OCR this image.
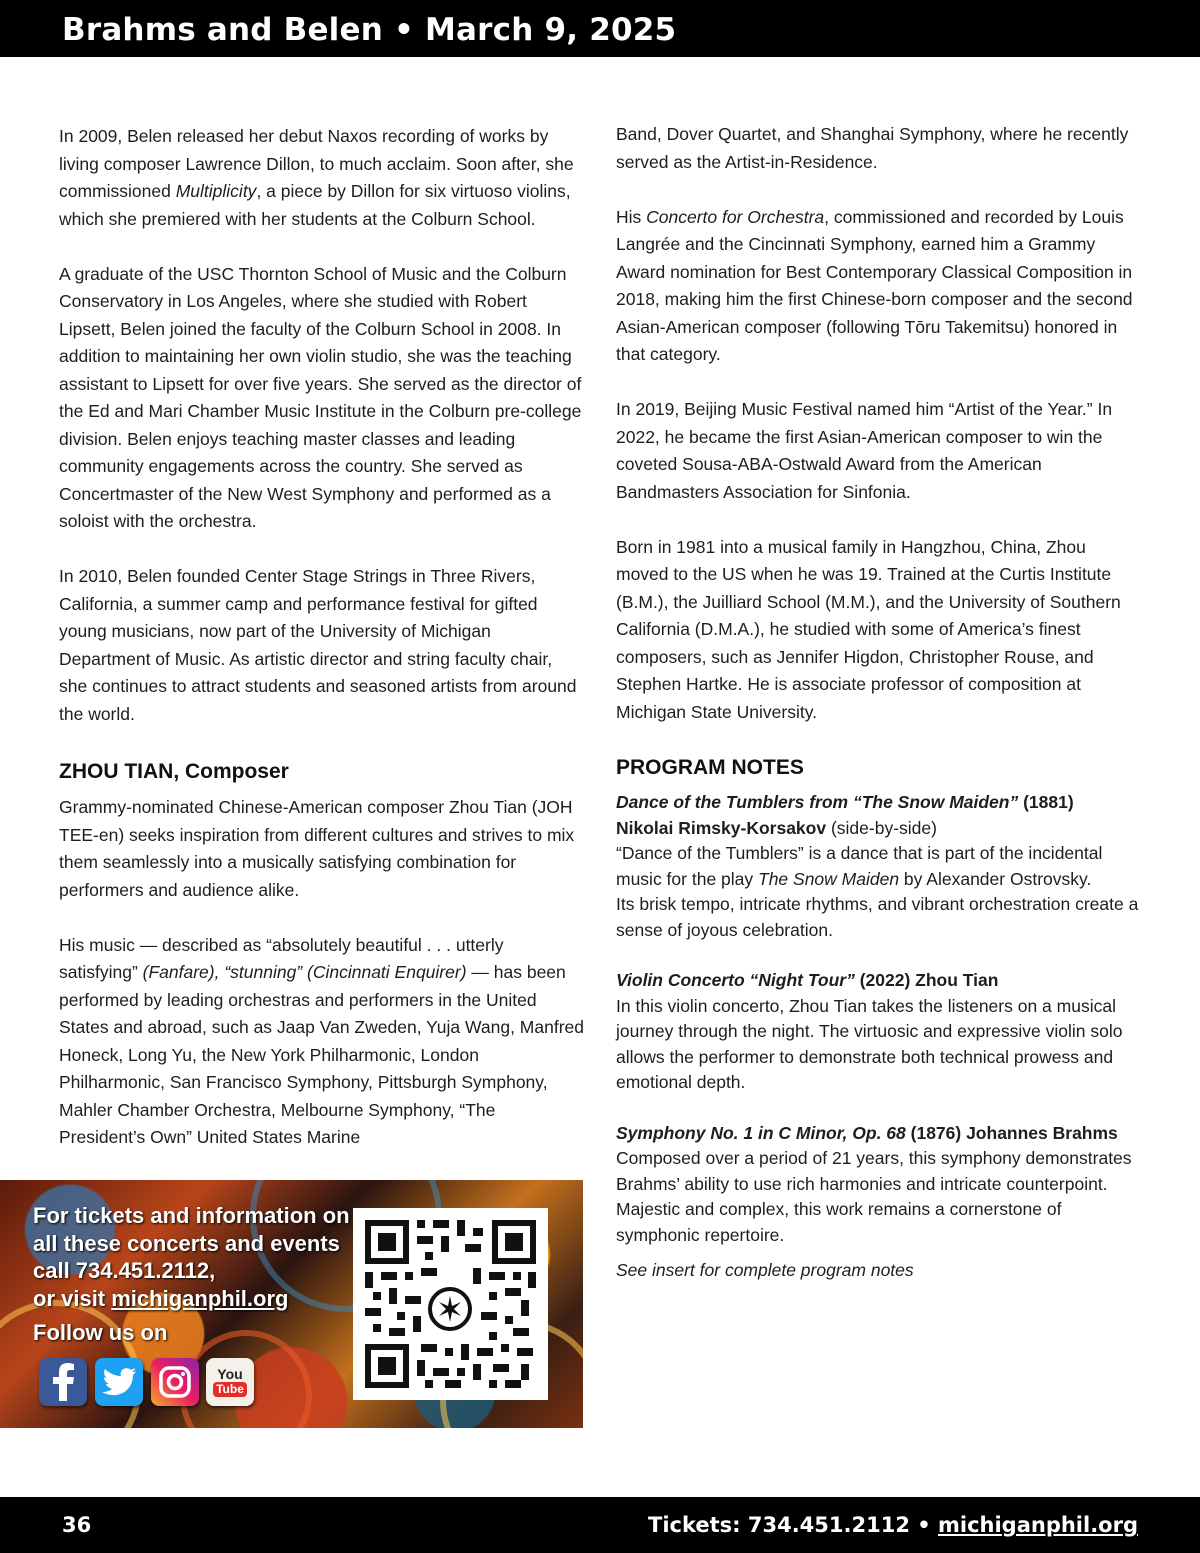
Brahms and Belen • March 9, 2025

In 2009, Belen released her debut Naxos recording of works by living composer Lawrence Dillon, to much acclaim. Soon after, she commissioned Multiplicity, a piece by Dillon for six virtuoso violins, which she premiered with her students at the Colburn School.

A graduate of the USC Thornton School of Music and the Colburn Conservatory in Los Angeles, where she studied with Robert Lipsett, Belen joined the faculty of the Colburn School in 2008. In addition to maintaining her own violin studio, she was the teaching assistant to Lipsett for over five years. She served as the director of the Ed and Mari Chamber Music Institute in the Colburn pre-college division. Belen enjoys teaching master classes and leading community engagements across the country. She served as Concertmaster of the New West Symphony and performed as a soloist with the orchestra.

In 2010, Belen founded Center Stage Strings in Three Rivers, California, a summer camp and performance festival for gifted young musicians, now part of the University of Michigan Department of Music. As artistic director and string faculty chair, she continues to attract students and seasoned artists from around the world.

ZHOU TIAN, Composer

Grammy-nominated Chinese-American composer Zhou Tian (JOH TEE-en) seeks inspiration from different cultures and strives to mix them seamlessly into a musically satisfying combination for performers and audience alike.

His music — described as “absolutely beautiful . . . utterly satisfying” (Fanfare), “stunning” (Cincinnati Enquirer) — has been performed by leading orchestras and performers in the United States and abroad, such as Jaap Van Zweden, Yuja Wang, Manfred Honeck, Long Yu, the New York Philharmonic, London Philharmonic, San Francisco Symphony, Pittsburgh Symphony, Mahler Chamber Orchestra, Melbourne Symphony, “The President’s Own” United States Marine

Band, Dover Quartet, and Shanghai Symphony, where he recently served as the Artist-in-Residence.

His Concerto for Orchestra, commissioned and recorded by Louis Langrée and the Cincinnati Symphony, earned him a Grammy Award nomination for Best Contemporary Classical Composition in 2018, making him the first Chinese-born composer and the second Asian-American composer (following Tōru Takemitsu) honored in that category.

In 2019, Beijing Music Festival named him “Artist of the Year.” In 2022, he became the first Asian-American composer to win the coveted Sousa-ABA-Ostwald Award from the American Bandmasters Association for Sinfonia.

Born in 1981 into a musical family in Hangzhou, China, Zhou moved to the US when he was 19. Trained at the Curtis Institute (B.M.), the Juilliard School (M.M.), and the University of Southern California (D.M.A.), he studied with some of America’s finest composers, such as Jennifer Higdon, Christopher Rouse, and Stephen Hartke. He is associate professor of composition at Michigan State University.

PROGRAM NOTES

Dance of the Tumblers from “The Snow Maiden” (1881)
Nikolai Rimsky-Korsakov (side-by-side)
“Dance of the Tumblers” is a dance that is part of the incidental music for the play The Snow Maiden by Alexander Ostrovsky.
Its brisk tempo, intricate rhythms, and vibrant orchestration create a sense of joyous celebration.

Violin Concerto “Night Tour” (2022) Zhou Tian
In this violin concerto, Zhou Tian takes the listeners on a musical journey through the night. The virtuosic and expressive violin solo allows the performer to demonstrate both technical prowess and emotional depth.

Symphony No. 1 in C Minor, Op. 68 (1876) Johannes Brahms
Composed over a period of 21 years, this symphony demonstrates Brahms’ ability to use rich harmonies and intricate counterpoint. Majestic and complex, this work remains a cornerstone of symphonic repertoire.

See insert for complete program notes

For tickets and information on
all these concerts and events
call 734.451.2112,
or visit michiganphil.org
Follow us on
You
Tube
36	Tickets: 734.451.2112 • michiganphil.org
